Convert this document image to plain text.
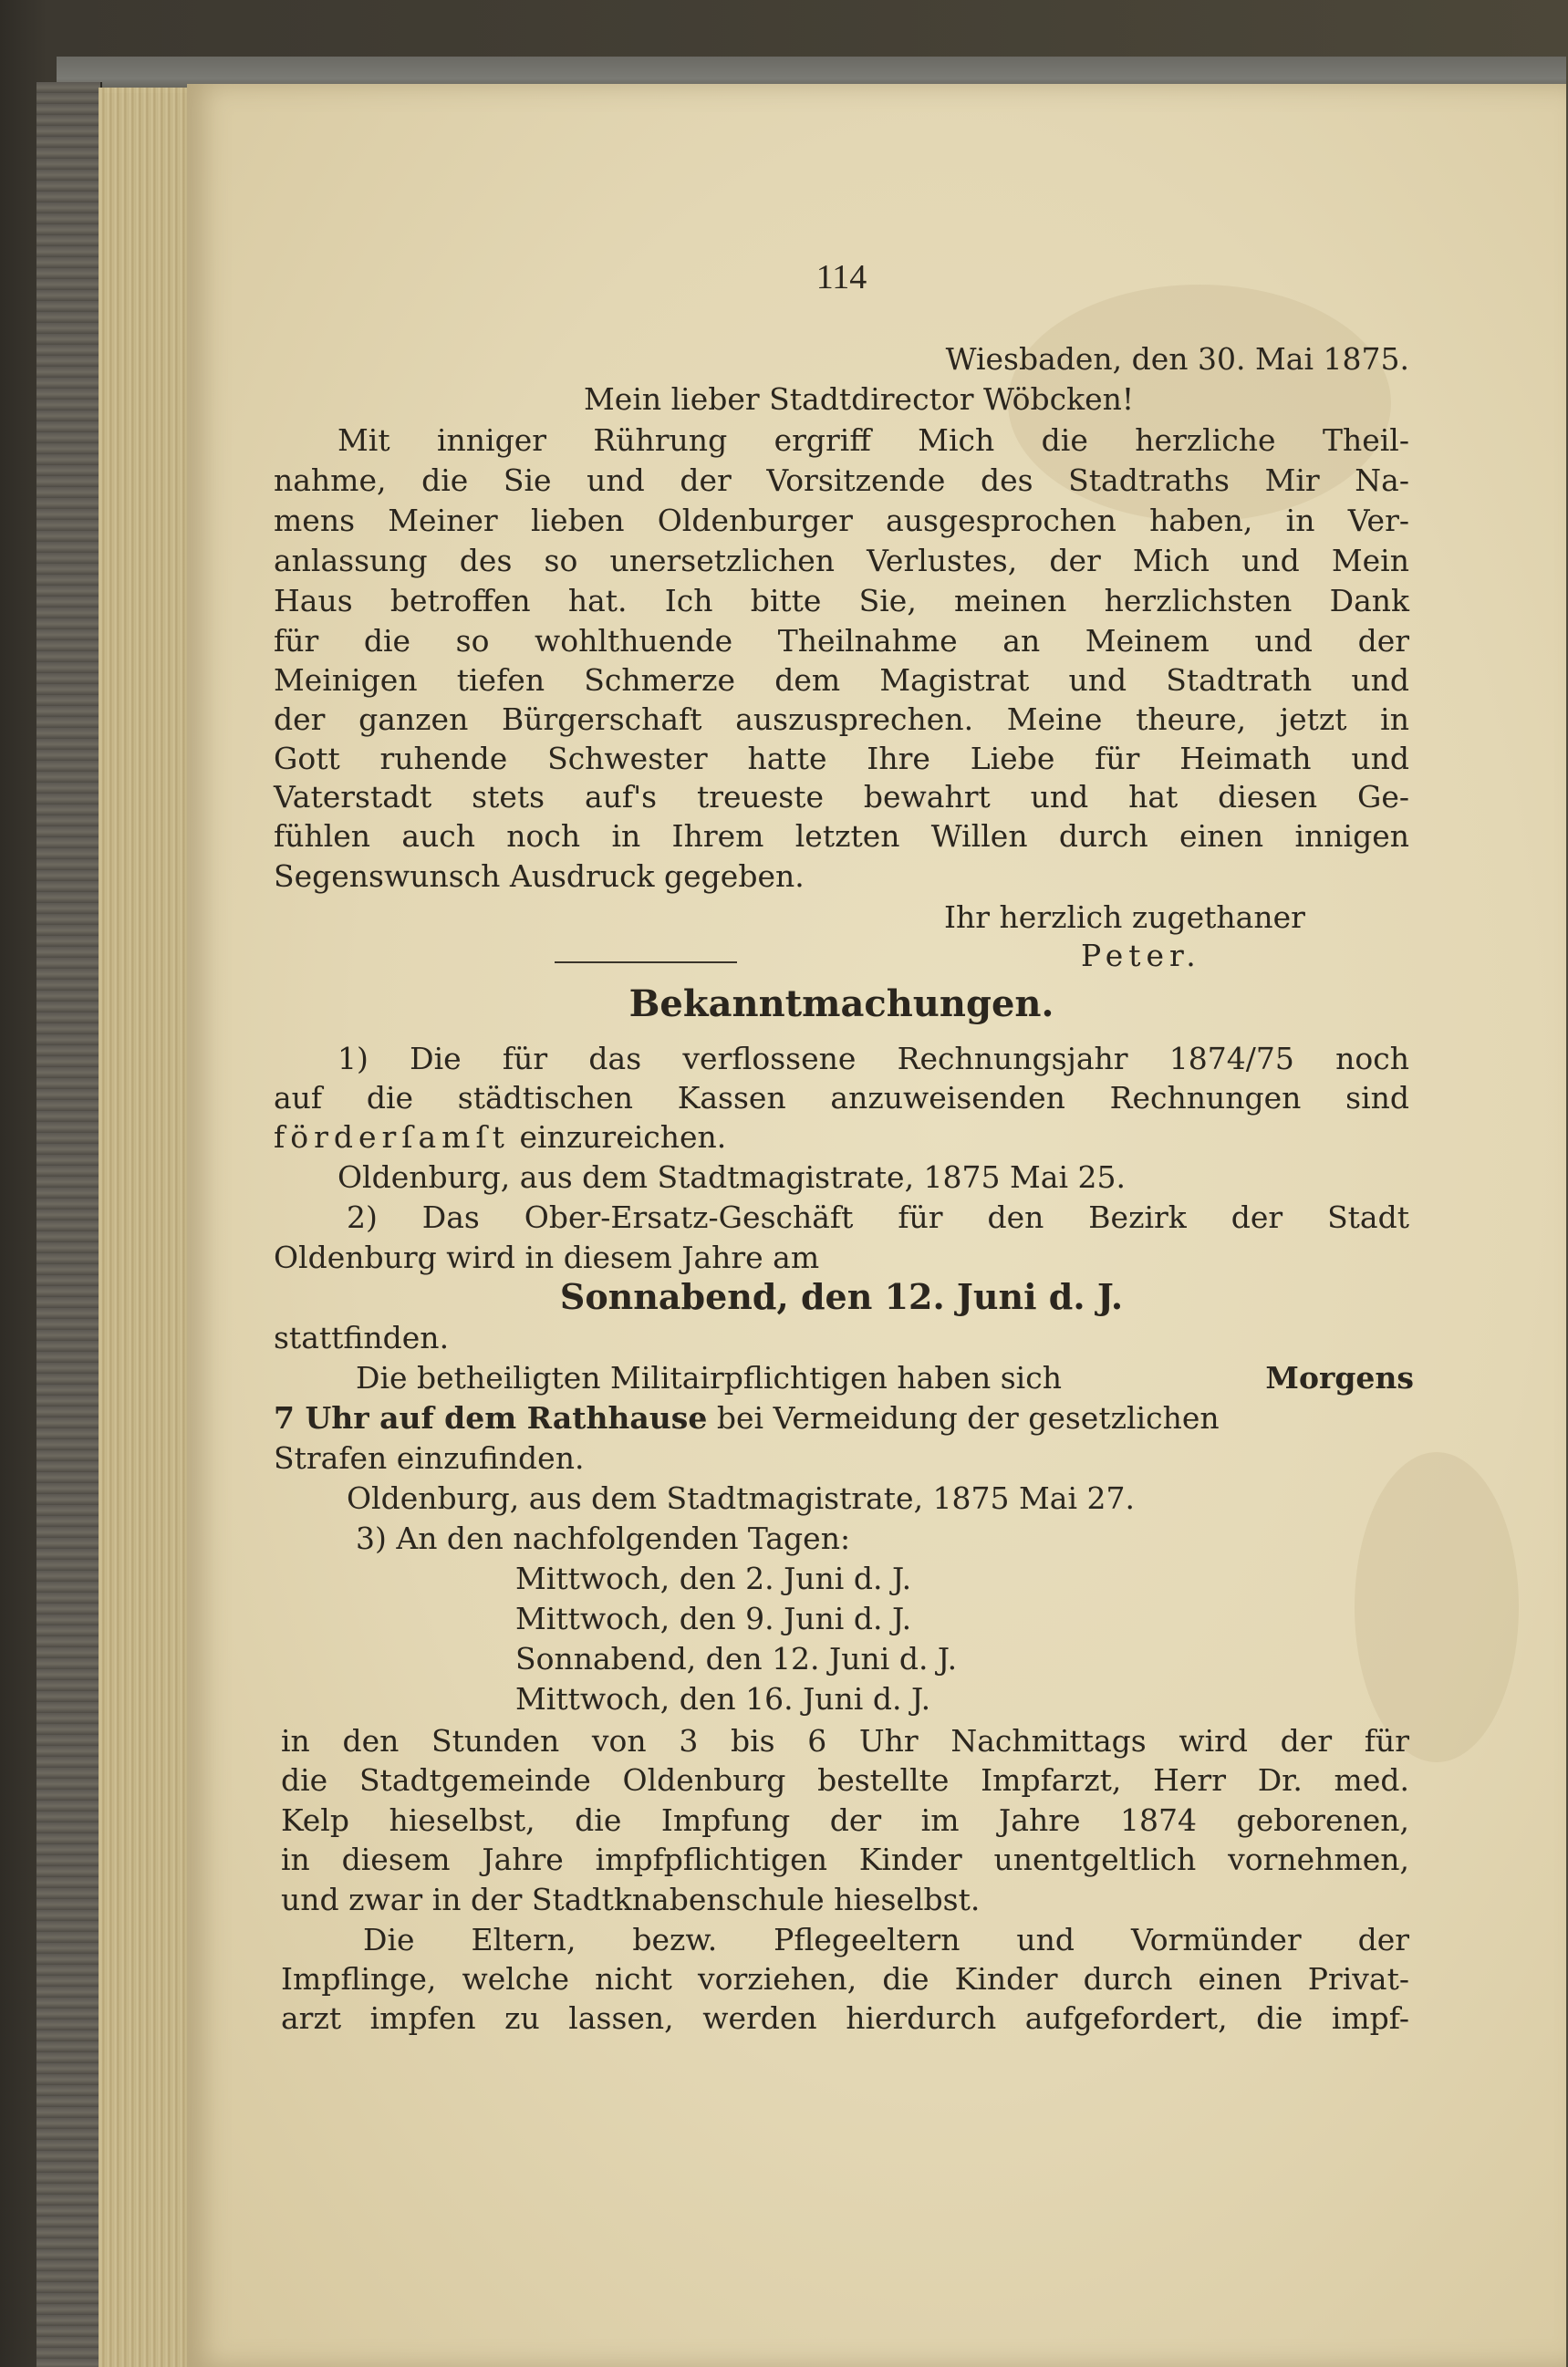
114
Wiesbaden, den 30. Mai 1875.
Mein lieber Stadtdirector Wöbcken!
Mit inniger Rührung ergriff Mich die herzliche Theil-
nahme, die Sie und der Vorsitzende des Stadtraths Mir Na-
mens Meiner lieben Oldenburger ausgesprochen haben, in Ver-
anlassung des so unersetzlichen Verlustes, der Mich und Mein
Haus betroffen hat. Ich bitte Sie, meinen herzlichsten Dank
für die so wohlthuende Theilnahme an Meinem und der
Meinigen tiefen Schmerze dem Magistrat und Stadtrath und
der ganzen Bürgerschaft auszusprechen. Meine theure, jetzt in
Gott ruhende Schwester hatte Ihre Liebe für Heimath und
Vaterstadt stets auf's treueste bewahrt und hat diesen Ge-
fühlen auch noch in Ihrem letzten Willen durch einen innigen
Segenswunsch Ausdruck gegeben.
Ihr herzlich zugethaner
Peter.
Bekanntmachungen.
1) Die für das verflossene Rechnungsjahr 1874/75 noch
auf die städtischen Kassen anzuweisenden Rechnungen sind
förderſamſt einzureichen.
Oldenburg, aus dem Stadtmagistrate, 1875 Mai 25.
2) Das Ober-Ersatz-Geschäft für den Bezirk der Stadt
Oldenburg wird in diesem Jahre am
Sonnabend, den 12. Juni d. J.
stattfinden.
Die betheiligten Militairpflichtigen haben sich	Morgens
7 Uhr auf dem Rathhause bei Vermeidung der gesetzlichen
Strafen einzufinden.
Oldenburg, aus dem Stadtmagistrate, 1875 Mai 27.
3) An den nachfolgenden Tagen:
Mittwoch, den 2. Juni d. J.
Mittwoch, den 9. Juni d. J.
Sonnabend, den 12. Juni d. J.
Mittwoch, den 16. Juni d. J.
in den Stunden von 3 bis 6 Uhr Nachmittags wird der für
die Stadtgemeinde Oldenburg bestellte Impfarzt, Herr Dr. med.
Kelp hieselbst, die Impfung der im Jahre 1874 geborenen,
in diesem Jahre impfpflichtigen Kinder unentgeltlich vornehmen,
und zwar in der Stadtknabenschule hieselbst.
Die Eltern, bezw. Pflegeeltern und Vormünder der
Impflinge, welche nicht vorziehen, die Kinder durch einen Privat-
arzt impfen zu lassen, werden hierdurch aufgefordert, die impf-
